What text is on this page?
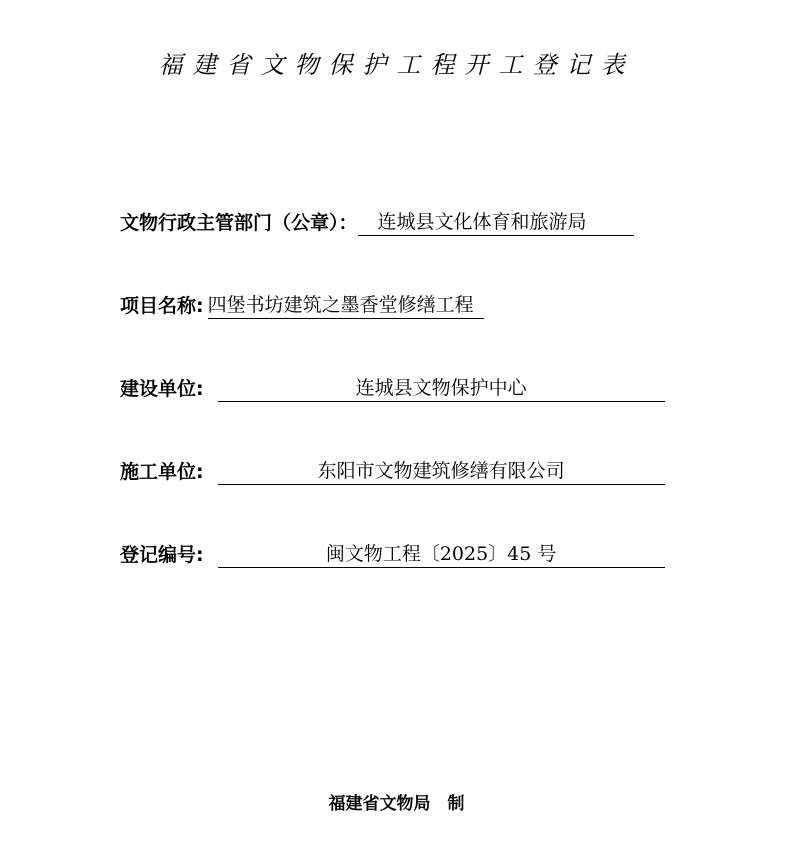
福建省文物保护工程开工登记表
文物行政主管部门（公章）：	连城县文化体育和旅游局
项目名称: 四堡书坊建筑之墨香堂修缮工程
建设单位:	连城县文物保护中心
施工单位:	东阳市文物建筑修缮有限公司
登记编号:	闽文物工程〔2025〕45 号
福建省文物局　制
